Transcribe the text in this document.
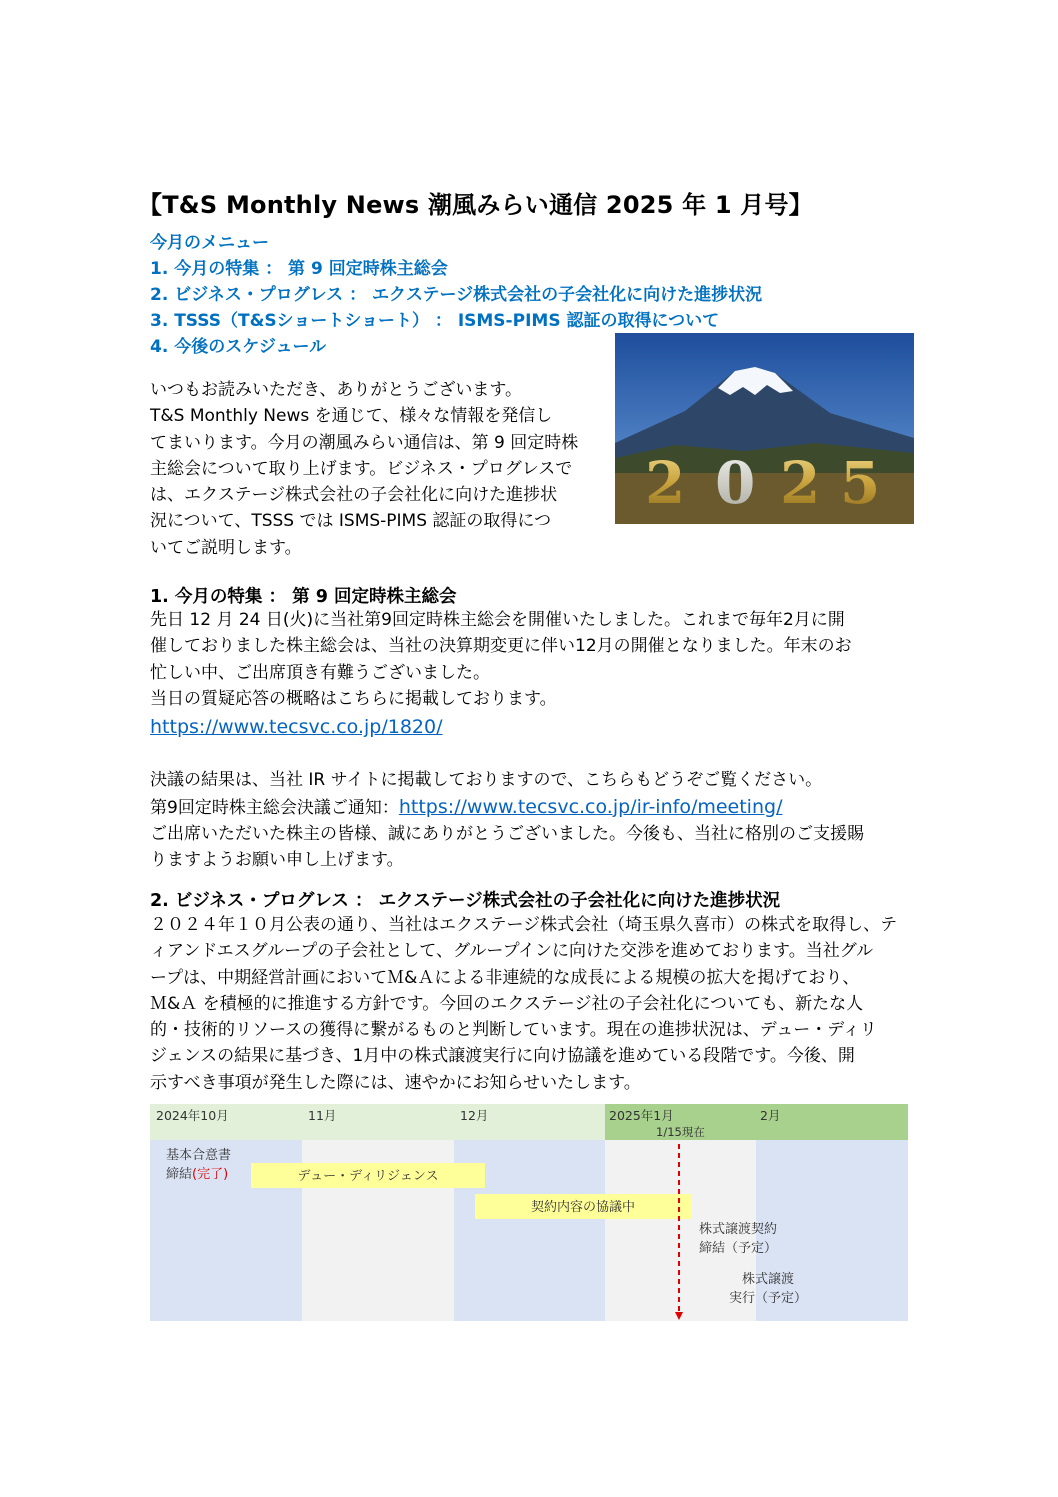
【T&S Monthly News 潮風みらい通信 2025 年 1 月号】
今月のメニュー
1. 今月の特集 ： 第 9 回定時株主総会
2. ビジネス・プログレス ： エクステージ株式会社の子会社化に向けた進捗状況
3. TSSS（T&Sショートショート） ： ISMS-PIMS 認証の取得について
4. 今後のスケジュール
2 0 2 5
いつもお読みいただき、ありがとうございます。
T&S Monthly News を通じて、様々な情報を発信し
てまいります。今月の潮風みらい通信は、第 9 回定時株
主総会について取り上げます。ビジネス・プログレスで
は、エクステージ株式会社の子会社化に向けた進捗状
況について、TSSS では ISMS-PIMS 認証の取得につ
いてご説明します。
1. 今月の特集 ： 第 9 回定時株主総会
先日 12 月 24 日(火)に当社第9回定時株主総会を開催いたしました。これまで毎年2月に開
催しておりました株主総会は、当社の決算期変更に伴い12月の開催となりました。年末のお
忙しい中、ご出席頂き有難うございました。
当日の質疑応答の概略はこちらに掲載しております。
https://www.tecsvc.co.jp/1820/
決議の結果は、当社 IR サイトに掲載しておりますので、こちらもどうぞご覧ください。
第9回定時株主総会決議ご通知：https://www.tecsvc.co.jp/ir-info/meeting/
ご出席いただいた株主の皆様、誠にありがとうございました。今後も、当社に格別のご支援賜
りますようお願い申し上げます。
2. ビジネス・プログレス ： エクステージ株式会社の子会社化に向けた進捗状況
２０２４年１０月公表の通り、当社はエクステージ株式会社（埼玉県久喜市）の株式を取得し、テ
ィアンドエスグループの子会社として、グループインに向けた交渉を進めております。当社グル
ープは、中期経営計画においてＭ&Ａによる非連続的な成長による規模の拡大を掲げており、
Ｍ&Ａ を積極的に推進する方針です。今回のエクステージ社の子会社化についても、新たな人
的・技術的リソースの獲得に繋がるものと判断しています。現在の進捗状況は、デュー・ディリ
ジェンスの結果に基づき、1月中の株式譲渡実行に向け協議を進めている段階です。今後、開
示すべき事項が発生した際には、速やかにお知らせいたします。
2024年10月	11月	12月	2025年1月	2月
1/15現在
基本合意書
締結(完了)	デュー・ディリジェンス
契約内容の協議中
株式譲渡契約
締結（予定）
株式譲渡
実行（予定）
